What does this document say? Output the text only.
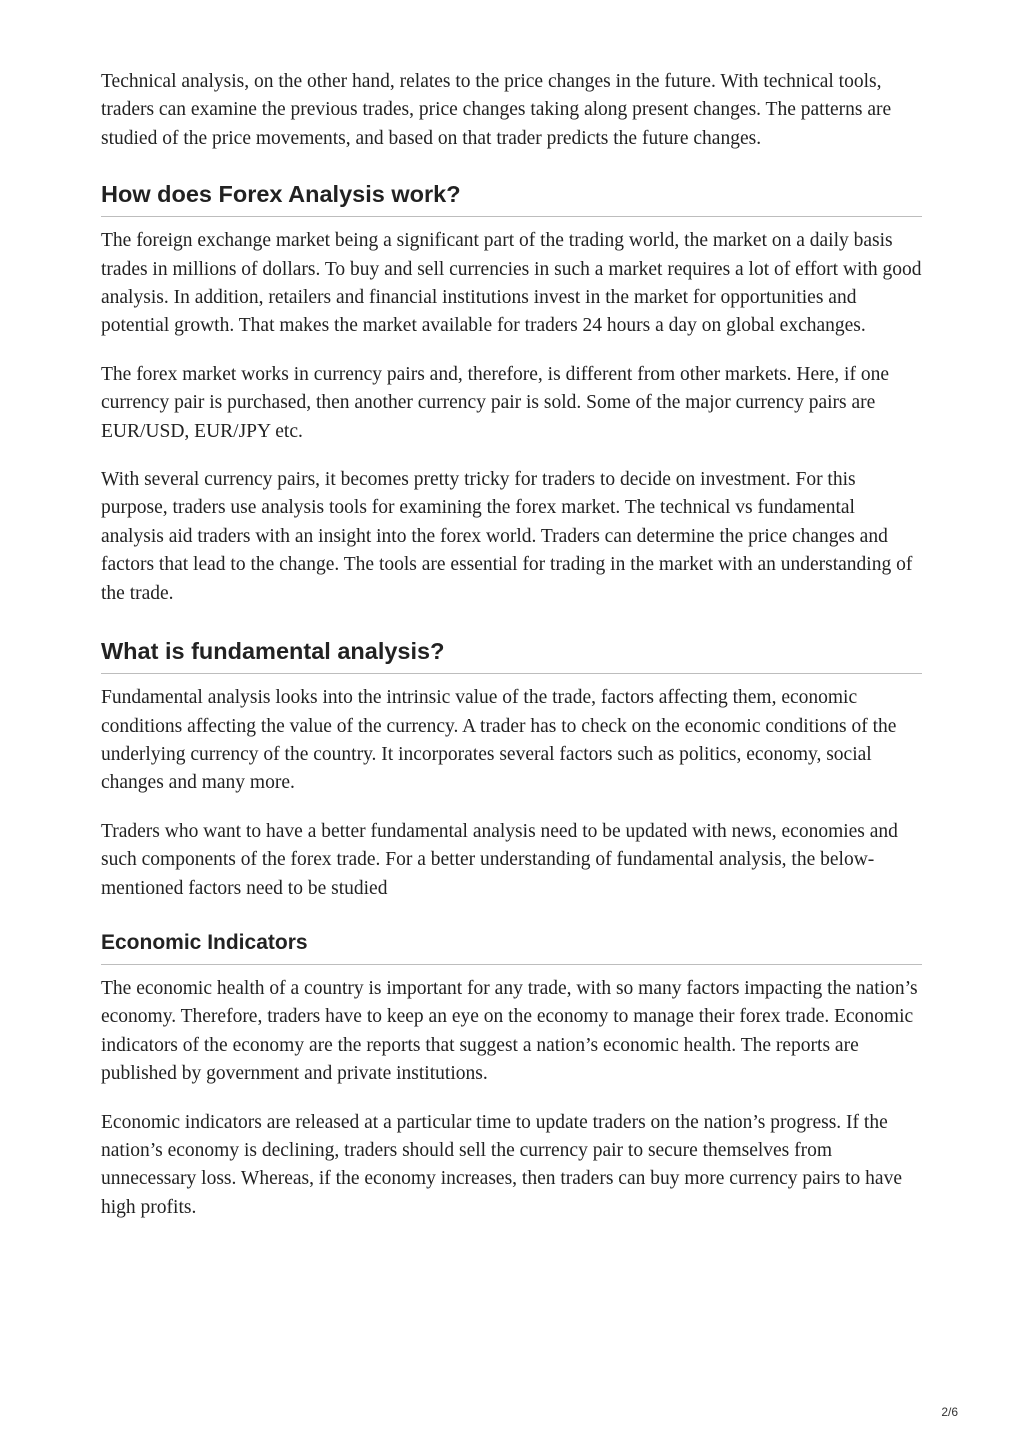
Technical analysis, on the other hand, relates to the price changes in the future. With technical tools, traders can examine the previous trades, price changes taking along present changes. The patterns are studied of the price movements, and based on that trader predicts the future changes.

How does Forex Analysis work?

The foreign exchange market being a significant part of the trading world, the market on a daily basis trades in millions of dollars. To buy and sell currencies in such a market requires a lot of effort with good analysis. In addition, retailers and financial institutions invest in the market for opportunities and potential growth. That makes the market available for traders 24 hours a day on global exchanges.

The forex market works in currency pairs and, therefore, is different from other markets. Here, if one currency pair is purchased, then another currency pair is sold. Some of the major currency pairs are EUR/USD, EUR/JPY etc.

With several currency pairs, it becomes pretty tricky for traders to decide on investment. For this purpose, traders use analysis tools for examining the forex market. The technical vs fundamental analysis aid traders with an insight into the forex world. Traders can determine the price changes and factors that lead to the change. The tools are essential for trading in the market with an understanding of the trade.

What is fundamental analysis?

Fundamental analysis looks into the intrinsic value of the trade, factors affecting them, economic conditions affecting the value of the currency. A trader has to check on the economic conditions of the underlying currency of the country. It incorporates several factors such as politics, economy, social changes and many more.

Traders who want to have a better fundamental analysis need to be updated with news, economies and such components of the forex trade. For a better understanding of fundamental analysis, the below-mentioned factors need to be studied

Economic Indicators

The economic health of a country is important for any trade, with so many factors impacting the nation’s economy. Therefore, traders have to keep an eye on the economy to manage their forex trade. Economic indicators of the economy are the reports that suggest a nation’s economic health. The reports are published by government and private institutions.

Economic indicators are released at a particular time to update traders on the nation’s progress. If the nation’s economy is declining, traders should sell the currency pair to secure themselves from unnecessary loss. Whereas, if the economy increases, then traders can buy more currency pairs to have high profits.

2/6
